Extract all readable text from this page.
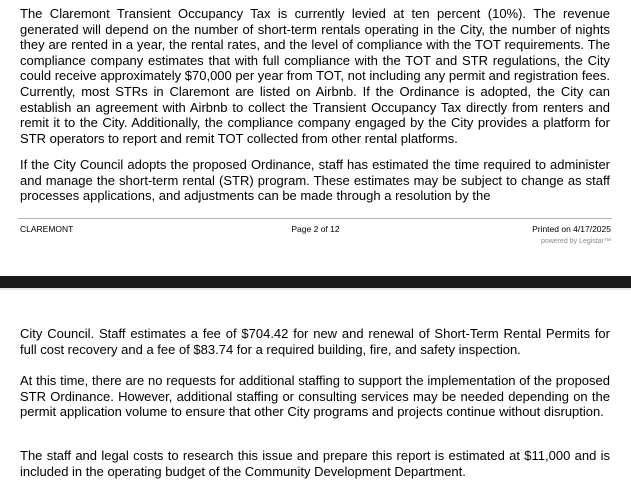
The Claremont Transient Occupancy Tax is currently levied at ten percent (10%). The revenue generated will depend on the number of short-term rentals operating in the City, the number of nights they are rented in a year, the rental rates, and the level of compliance with the TOT requirements. The compliance company estimates that with full compliance with the TOT and STR regulations, the City could receive approximately $70,000 per year from TOT, not including any permit and registration fees. Currently, most STRs in Claremont are listed on Airbnb. If the Ordinance is adopted, the City can establish an agreement with Airbnb to collect the Transient Occupancy Tax directly from renters and remit it to the City. Additionally, the compliance company engaged by the City provides a platform for STR operators to report and remit TOT collected from other rental platforms.

If the City Council adopts the proposed Ordinance, staff has estimated the time required to administer and manage the short-term rental (STR) program. These estimates may be subject to change as staff processes applications, and adjustments can be made through a resolution by the

CLAREMONT	Page 2 of 12	Printed on 4/17/2025
powered by Legistar™

City Council. Staff estimates a fee of $704.42 for new and renewal of Short-Term Rental Permits for full cost recovery and a fee of $83.74 for a required building, fire, and safety inspection.

At this time, there are no requests for additional staffing to support the implementation of the proposed STR Ordinance. However, additional staffing or consulting services may be needed depending on the permit application volume to ensure that other City programs and projects continue without disruption.

The staff and legal costs to research this issue and prepare this report is estimated at $11,000 and is included in the operating budget of the Community Development Department.
